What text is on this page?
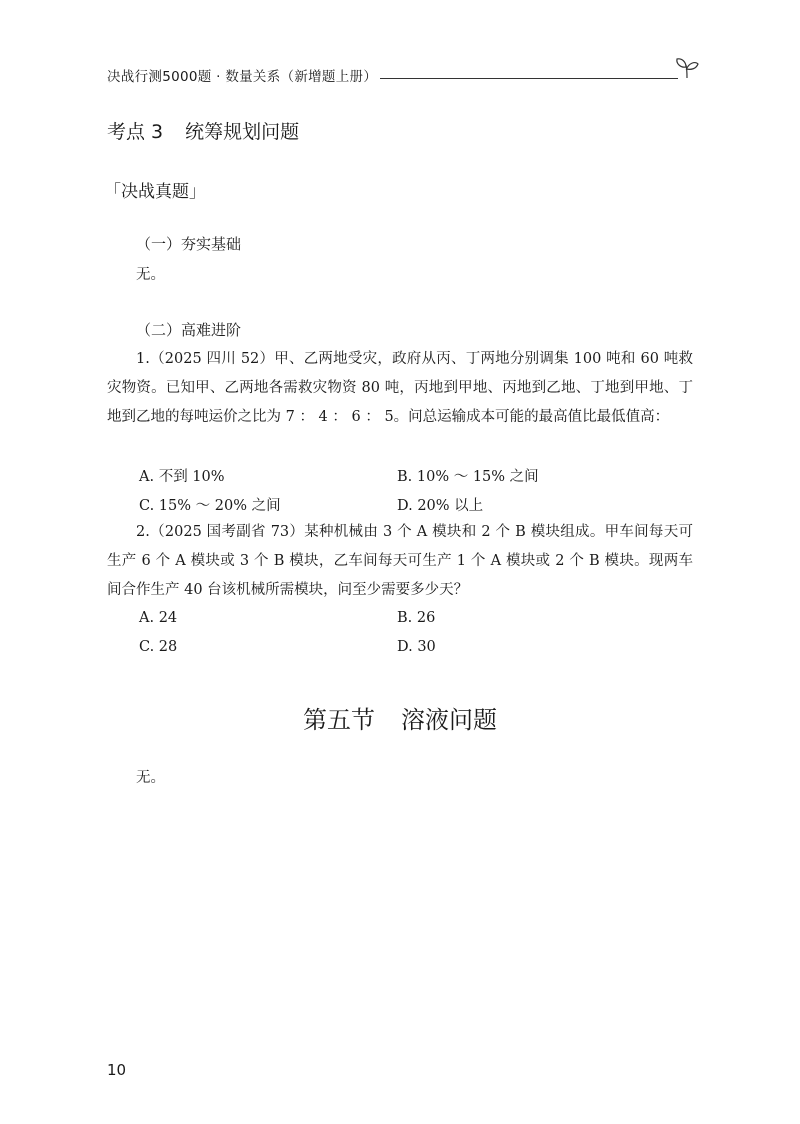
决战行测5000题 · 数量关系（新增题上册）
考点 3 统筹规划问题
「决战真题」
（一）夯实基础
无。
（二）高难进阶

1.（2025 四川 52）甲、乙两地受灾，政府从丙、丁两地分别调集 100 吨和 60 吨救灾物资。已知甲、乙两地各需救灾物资 80 吨，丙地到甲地、丙地到乙地、丁地到甲地、丁地到乙地的每吨运价之比为 7 ： 4 ： 6 ： 5。问总运输成本可能的最高值比最低值高：

A. 不到 10%	B. 10% ～ 15% 之间
C. 15% ～ 20% 之间	D. 20% 以上

2.（2025 国考副省 73）某种机械由 3 个 A 模块和 2 个 B 模块组成。甲车间每天可生产 6 个 A 模块或 3 个 B 模块，乙车间每天可生产 1 个 A 模块或 2 个 B 模块。现两车间合作生产 40 台该机械所需模块，问至少需要多少天？

A. 24	B. 26
C. 28	D. 30
第五节 溶液问题
无。
10
